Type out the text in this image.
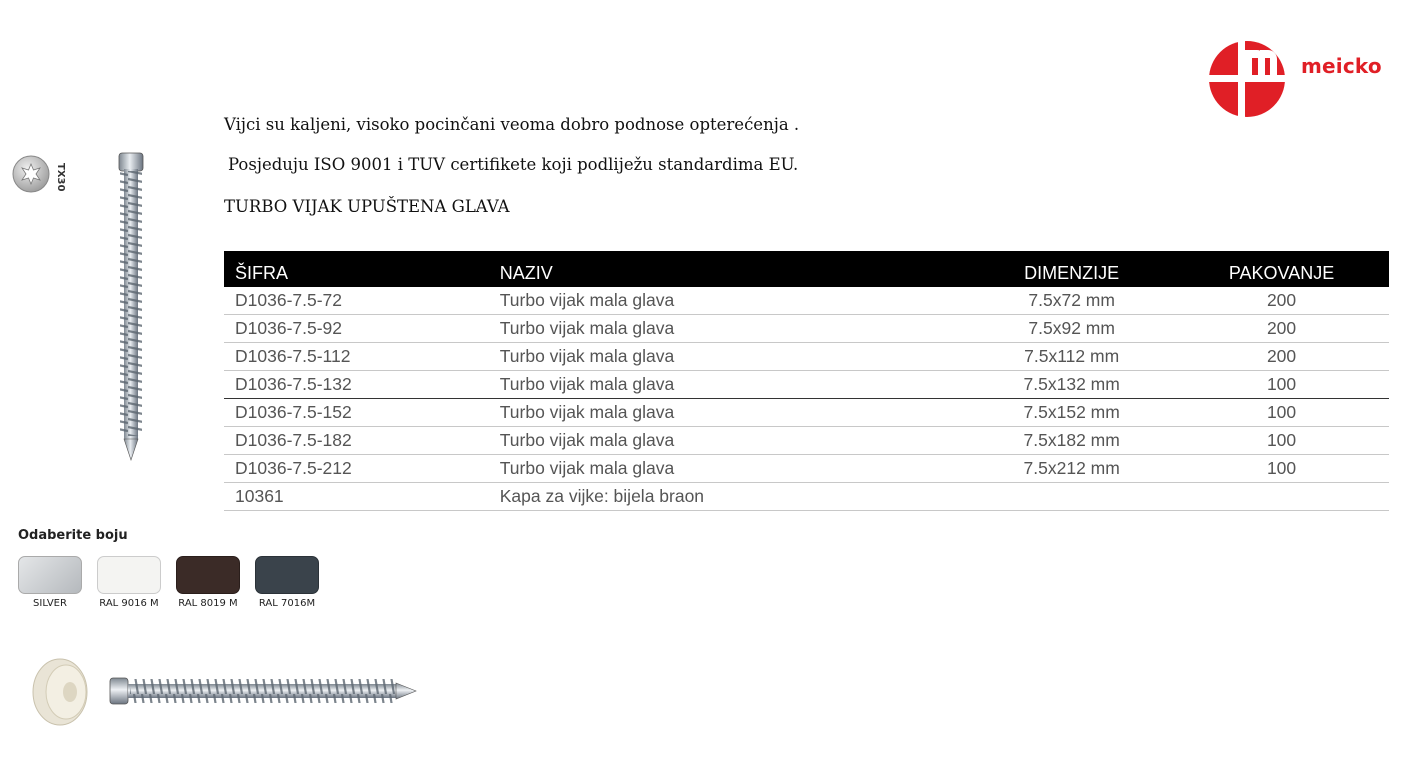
meicko
Vijci su kaljeni, visoko pocinčani veoma dobro podnose opterećenja .
Posjeduju ISO 9001 i TUV certifikete koji podliježu standardima EU.
TURBO VIJAK UPUŠTENA GLAVA
ŠIFRA	NAZIV	DIMENZIJE	PAKOVANJE
D1036-7.5-72	Turbo vijak mala glava	7.5x72 mm	200
D1036-7.5-92	Turbo vijak mala glava	7.5x92 mm	200
D1036-7.5-112	Turbo vijak mala glava	7.5x112 mm	200
D1036-7.5-132	Turbo vijak mala glava	7.5x132 mm	100
D1036-7.5-152	Turbo vijak mala glava	7.5x152 mm	100
D1036-7.5-182	Turbo vijak mala glava	7.5x182 mm	100
D1036-7.5-212	Turbo vijak mala glava	7.5x212 mm	100
10361	Kapa za vijke: bijela braon		
TX30
Odaberite boju
SILVER	RAL 9016 M	RAL 8019 M	RAL 7016M
